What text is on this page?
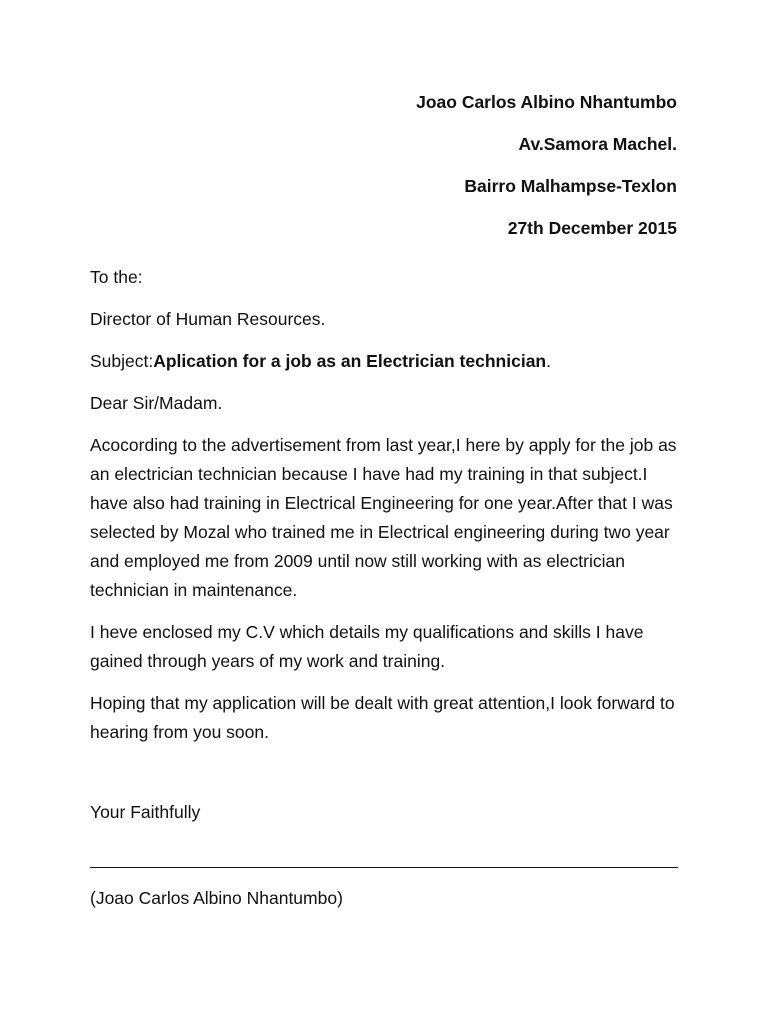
Joao Carlos Albino Nhantumbo
Av.Samora Machel.
Bairro Malhampse-Texlon
27th December 2015

To the:

Director of Human Resources.

Subject:Aplication for a job as an Electrician technician.

Dear Sir/Madam.

Acocording to the advertisement from last year,I here by apply for the job as an electrician technician because I have had my training in that subject.I have also had training in Electrical Engineering for one year.After that I was selected by Mozal who trained me in Electrical engineering during two year and employed me from 2009 until now still working with as electrician technician in maintenance.

I heve enclosed my C.V which details my qualifications and skills I have gained through years of my work and training.

Hoping that my application will be dealt with great attention,I look forward to hearing from you soon.

Your Faithfully
(Joao Carlos Albino Nhantumbo)
